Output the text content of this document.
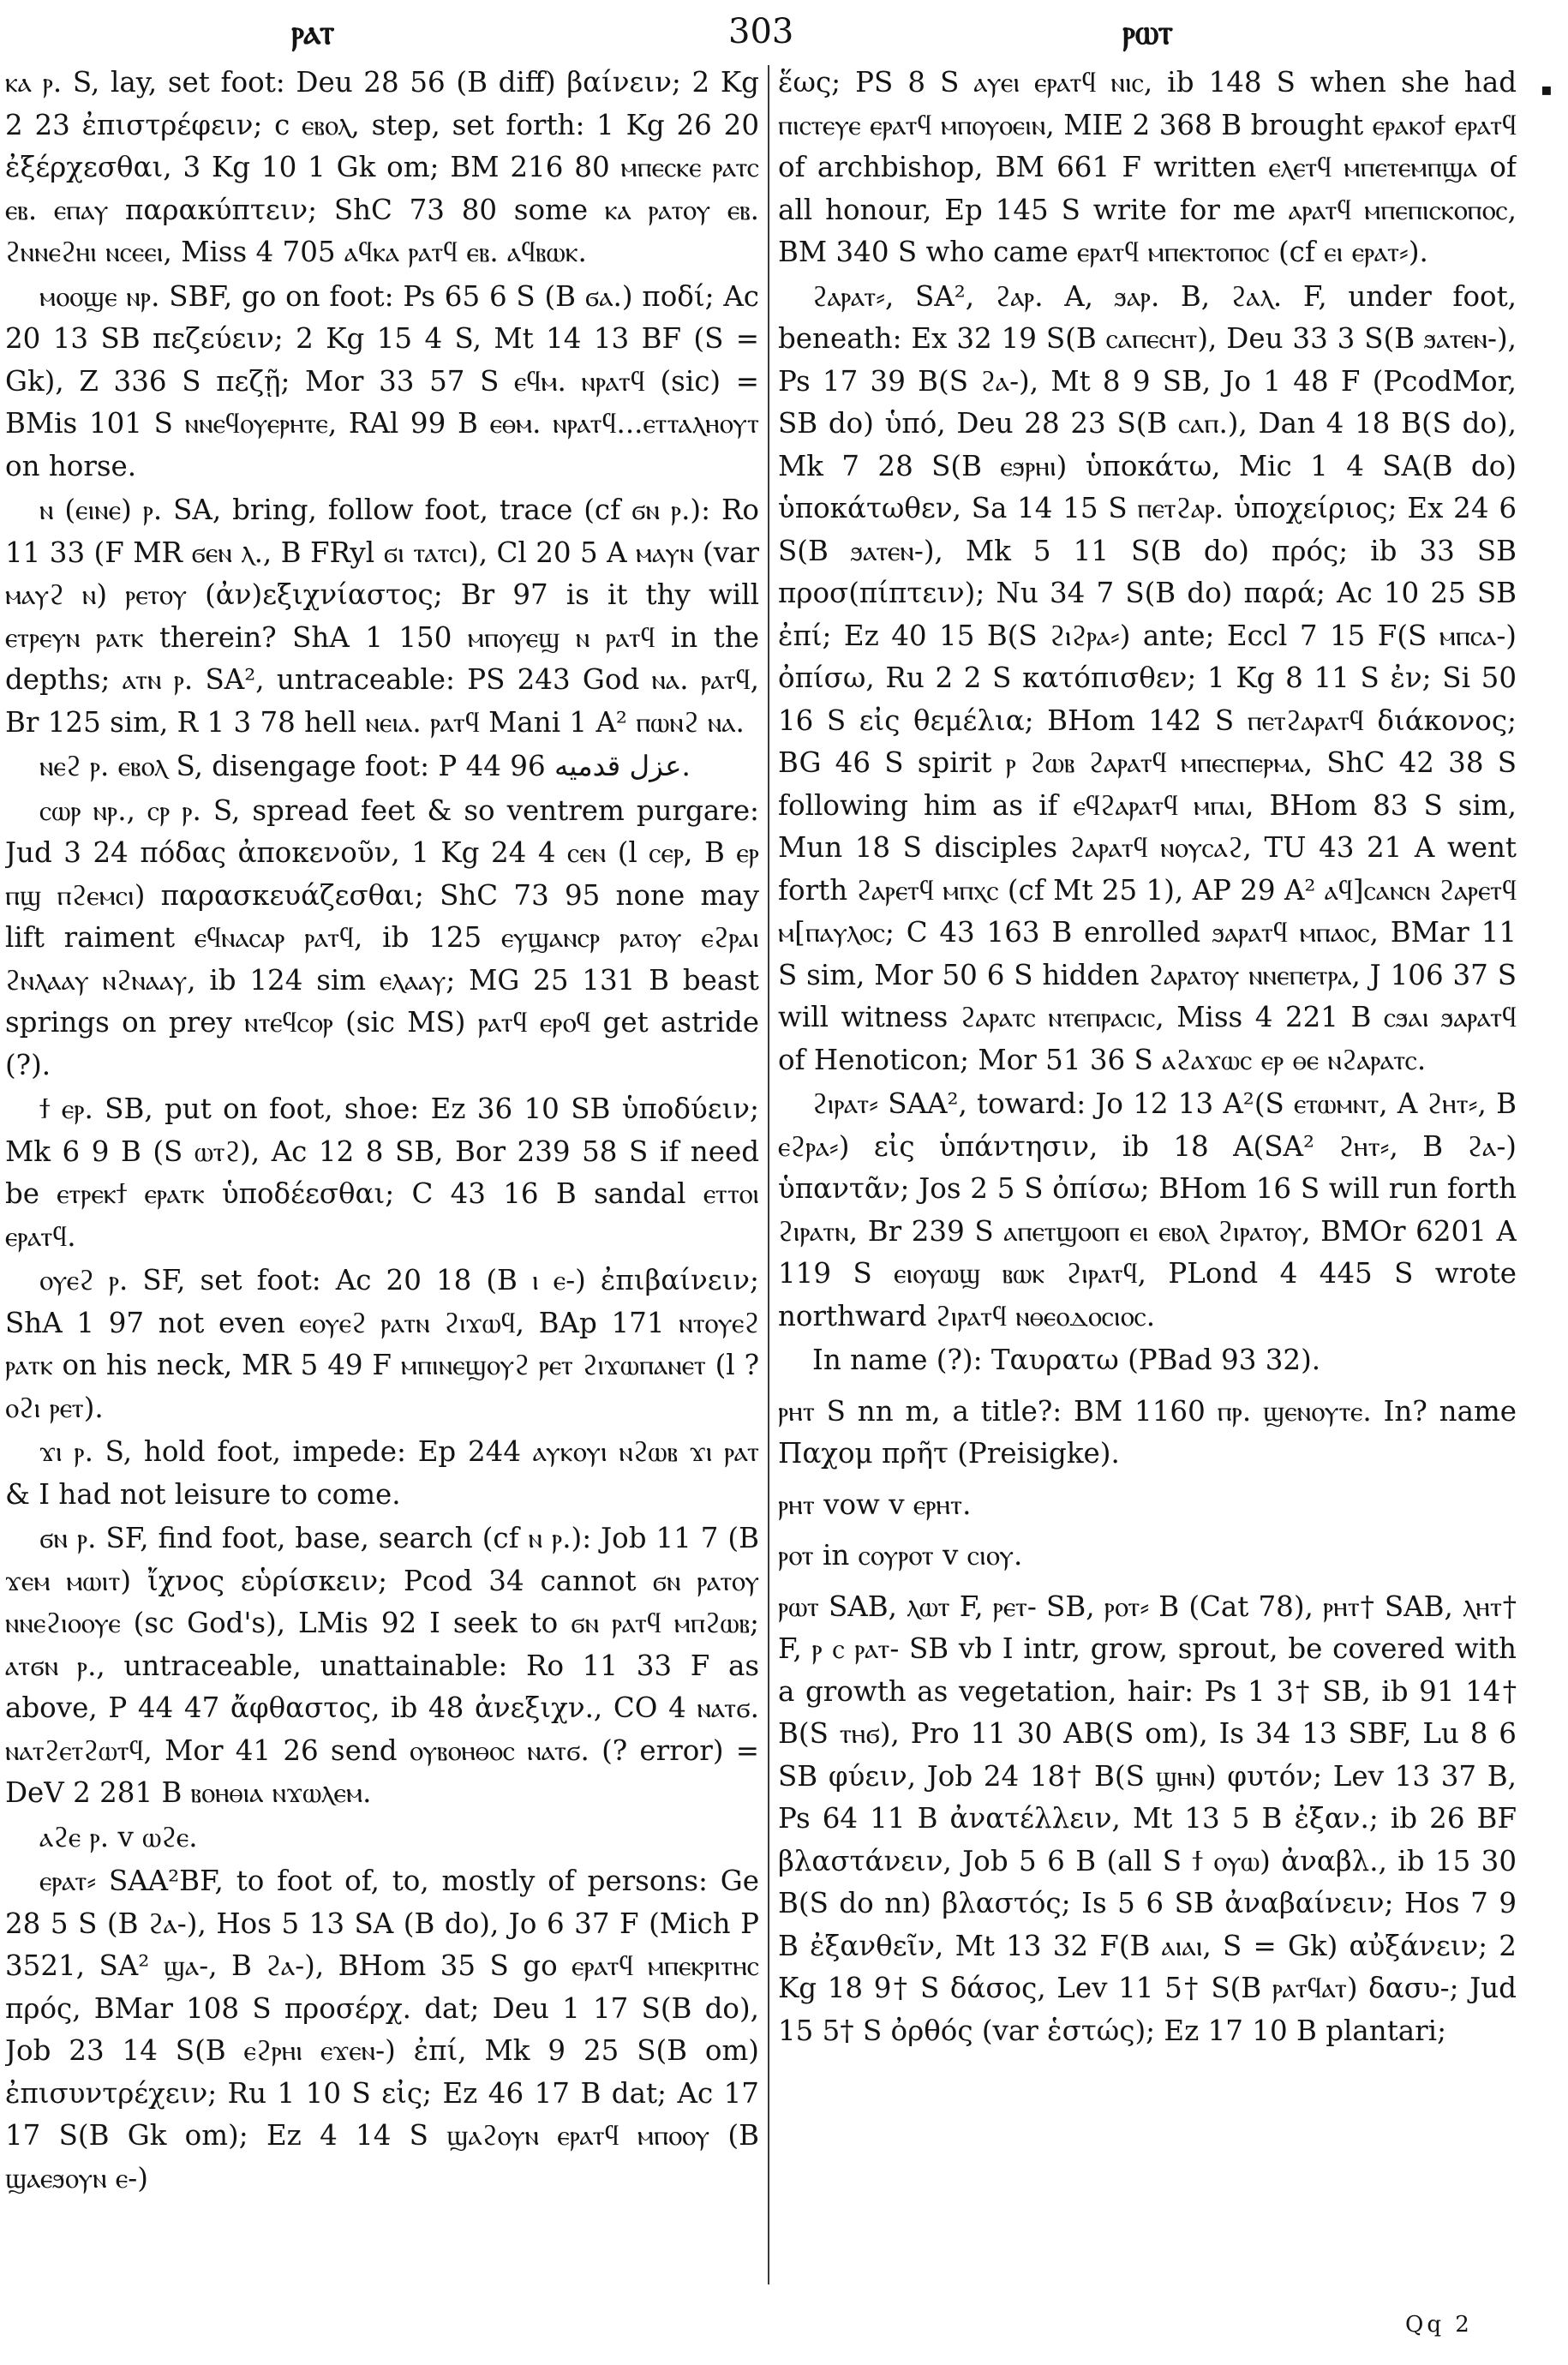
ⲣⲁⲧ	303	ⲣⲱⲧ

ⲕⲁ ⲣ. S, lay, set foot: Deu 28 56 (B diff) βαίνειν; 2 Kg 2 23 ἐπιστρέφειν; c ⲉⲃⲟⲗ, step, set forth: 1 Kg 26 20 ἐξέρχεσθαι, 3 Kg 10 1 Gk om; BM 216 80 ⲙⲡⲉⲥⲕⲉ ⲣⲁⲧⲥ ⲉⲃ. ⲉⲡⲁⲩ παρακύπτειν; ShC 73 80 some ⲕⲁ ⲣⲁⲧⲟⲩ ⲉⲃ. ϩⲛⲛⲉϩⲏⲓ ⲛⲥⲉⲉⲓ, Miss 4 705 ⲁϥⲕⲁ ⲣⲁⲧϥ ⲉⲃ. ⲁϥⲃⲱⲕ.

ⲙⲟⲟϣⲉ ⲛⲣ. SBF, go on foot: Ps 65 6 S (B ϭⲁ.) ποδί; Ac 20 13 SB πεζεύειν; 2 Kg 15 4 S, Mt 14 13 BF (S = Gk), Z 336 S πεζῇ; Mor 33 57 S ⲉϥⲙ. ⲛⲣⲁⲧϥ (sic) = BMis 101 S ⲛⲛⲉϥⲟⲩⲉⲣⲏⲧⲉ, RAl 99 B ⲉⲑⲙ. ⲛⲣⲁⲧϥ...ⲉⲧⲧⲁⲗⲏⲟⲩⲧ on horse.

ⲛ (ⲉⲓⲛⲉ) ⲣ. SA, bring, follow foot, trace (cf ϭⲛ ⲣ.): Ro 11 33 (F MR ϭⲉⲛ ⲗ., B FRyl ϭⲓ ⲧⲁⲧⲥⲓ), Cl 20 5 A ⲙⲁⲩⲛ (var ⲙⲁⲩϩ ⲛ) ⲣⲉⲧⲟⲩ (ἀν)εξιχνίαστος; Br 97 is it thy will ⲉⲧⲣⲉⲩⲛ ⲣⲁⲧⲕ therein? ShA 1 150 ⲙⲡⲟⲩⲉϣ ⲛ ⲣⲁⲧϥ in the depths; ⲁⲧⲛ ⲣ. SA², untraceable: PS 243 God ⲛⲁ. ⲣⲁⲧϥ, Br 125 sim, R 1 3 78 hell ⲛⲉⲓⲁ. ⲣⲁⲧϥ Mani 1 A² ⲡⲱⲛϩ ⲛⲁ.

ⲛⲉϩ ⲣ. ⲉⲃⲟⲗ S, disengage foot: P 44 96 عزل قدميه.

ⲥⲱⲣ ⲛⲣ., ⲥⲣ ⲣ. S, spread feet & so ventrem purgare: Jud 3 24 πόδας ἀποκενοῦν, 1 Kg 24 4 ⲥⲉⲛ (l ⲥⲉⲣ, B ⲉⲣ ⲡϣ ⲡϩⲉⲙⲥⲓ) παρασκευάζεσθαι; ShC 73 95 none may lift raiment ⲉϥⲛⲁⲥⲁⲣ ⲣⲁⲧϥ, ib 125 ⲉⲩϣⲁⲛⲥⲣ ⲣⲁⲧⲟⲩ ⲉϩⲣⲁⲓ ϩⲛⲗⲁⲁⲩ ⲛϩⲛⲁⲁⲩ, ib 124 sim ⲉⲗⲁⲁⲩ; MG 25 131 B beast springs on prey ⲛⲧⲉϥⲥⲟⲣ (sic MS) ⲣⲁⲧϥ ⲉⲣⲟϥ get astride (?).

ϯ ⲉⲣ. SB, put on foot, shoe: Ez 36 10 SB ὑποδύειν; Mk 6 9 B (S ⲱⲧϩ), Ac 12 8 SB, Bor 239 58 S if need be ⲉⲧⲣⲉⲕϯ ⲉⲣⲁⲧⲕ ὑποδέεσθαι; C 43 16 B sandal ⲉⲧⲧⲟⲓ ⲉⲣⲁⲧϥ.

ⲟⲩⲉϩ ⲣ. SF, set foot: Ac 20 18 (B ⲓ ⲉ-) ἐπιβαίνειν; ShA 1 97 not even ⲉⲟⲩⲉϩ ⲣⲁⲧⲛ ϩⲓϫⲱϥ, BAp 171 ⲛⲧⲟⲩⲉϩ ⲣⲁⲧⲕ on his neck, MR 5 49 F ⲙⲡⲓⲛⲉϣⲟⲩϩ ⲣⲉⲧ ϩⲓϫⲱⲡⲁⲛⲉⲧ (l ? ⲟϩⲓ ⲣⲉⲧ).

ϫⲓ ⲣ. S, hold foot, impede: Ep 244 ⲁⲩⲕⲟⲩⲓ ⲛϩⲱⲃ ϫⲓ ⲣⲁⲧ & I had not leisure to come.

ϭⲛ ⲣ. SF, find foot, base, search (cf ⲛ ⲣ.): Job 11 7 (B ϫⲉⲙ ⲙⲱⲓⲧ) ἴχνος εὑρίσκειν; Pcod 34 cannot ϭⲛ ⲣⲁⲧⲟⲩ ⲛⲛⲉϩⲓⲟⲟⲩⲉ (sc God's), LMis 92 I seek to ϭⲛ ⲣⲁⲧϥ ⲙⲡϩⲱⲃ; ⲁⲧϭⲛ ⲣ., untraceable, unattainable: Ro 11 33 F as above, P 44 47 ἄφθαστος, ib 48 ἀνεξιχν., CO 4 ⲛⲁⲧϭ. ⲛⲁⲧϩⲉⲧϩⲱⲧϥ, Mor 41 26 send ⲟⲩⲃⲟⲏⲑⲟⲥ ⲛⲁⲧϭ. (? error) = DeV 2 281 B ⲃⲟⲏⲑⲓⲁ ⲛϫⲱⲗⲉⲙ.

ⲁϩⲉ ⲣ. v ⲱϩⲉ.

ⲉⲣⲁⲧ⸗ SAA²BF, to foot of, to, mostly of persons: Ge 28 5 S (B ϩⲁ-), Hos 5 13 SA (B do), Jo 6 37 F (Mich P 3521, SA² ϣⲁ-, B ϩⲁ-), BHom 35 S go ⲉⲣⲁⲧϥ ⲙⲡⲉⲕⲣⲓⲧⲏⲥ πρός, BMar 108 S προσέρχ. dat; Deu 1 17 S(B do), Job 23 14 S(B ⲉϩⲣⲏⲓ ⲉϫⲉⲛ-) ἐπί, Mk 9 25 S(B om) ἐπισυντρέχειν; Ru 1 10 S εἰς; Ez 46 17 B dat; Ac 17 17 S(B Gk om); Ez 4 14 S ϣⲁϩⲟⲩⲛ ⲉⲣⲁⲧϥ ⲙⲡⲟⲟⲩ (B ϣⲁⲉϧⲟⲩⲛ ⲉ-)

ἕως; PS 8 S ⲁⲩⲉⲓ ⲉⲣⲁⲧϥ ⲛⲓⲥ, ib 148 S when she had ⲡⲓⲥⲧⲉⲩⲉ ⲉⲣⲁⲧϥ ⲙⲡⲟⲩⲟⲉⲓⲛ, MIE 2 368 B brought ⲉⲣⲁⲕⲟϯ ⲉⲣⲁⲧϥ of archbishop, BM 661 F written ⲉⲗⲉⲧϥ ⲙⲡⲉⲧⲉⲙⲡϣⲁ of all honour, Ep 145 S write for me ⲁⲣⲁⲧϥ ⲙⲡⲉⲡⲓⲥⲕⲟⲡⲟⲥ, BM 340 S who came ⲉⲣⲁⲧϥ ⲙⲡⲉⲕⲧⲟⲡⲟⲥ (cf ⲉⲓ ⲉⲣⲁⲧ⸗).

ϩⲁⲣⲁⲧ⸗, SA², ϩⲁⲣ. A, ϧⲁⲣ. B, ϩⲁⲗ. F, under foot, beneath: Ex 32 19 S(B ⲥⲁⲡⲉⲥⲏⲧ), Deu 33 3 S(B ϧⲁⲧⲉⲛ-), Ps 17 39 B(S ϩⲁ-), Mt 8 9 SB, Jo 1 48 F (PcodMor, SB do) ὑπό, Deu 28 23 S(B ⲥⲁⲡ.), Dan 4 18 B(S do), Mk 7 28 S(B ⲉϧⲣⲏⲓ) ὑποκάτω, Mic 1 4 SA(B do) ὑποκάτωθεν, Sa 14 15 S ⲡⲉⲧϩⲁⲣ. ὑποχείριος; Ex 24 6 S(B ϧⲁⲧⲉⲛ-), Mk 5 11 S(B do) πρός; ib 33 SB προσ(πίπτειν); Nu 34 7 S(B do) παρά; Ac 10 25 SB ἐπί; Ez 40 15 B(S ϩⲓϩⲣⲁ⸗) ante; Eccl 7 15 F(S ⲙⲡⲥⲁ-) ὀπίσω, Ru 2 2 S κατόπισθεν; 1 Kg 8 11 S ἐν; Si 50 16 S εἰς θεμέλια; BHom 142 S ⲡⲉⲧϩⲁⲣⲁⲧϥ διάκονος; BG 46 S spirit ⲣ ϩⲱⲃ ϩⲁⲣⲁⲧϥ ⲙⲡⲉⲥⲡⲉⲣⲙⲁ, ShC 42 38 S following him as if ⲉϥϩⲁⲣⲁⲧϥ ⲙⲡⲁⲓ, BHom 83 S sim, Mun 18 S disciples ϩⲁⲣⲁⲧϥ ⲛⲟⲩⲥⲁϩ, TU 43 21 A went forth ϩⲁⲣⲉⲧϥ ⲙⲡⲭⲥ (cf Mt 25 1), AP 29 A² ⲁϥ]ⲥⲁⲛⲥⲛ ϩⲁⲣⲉⲧϥ ⲙ[ⲡⲁⲩⲗⲟⲥ; C 43 163 B enrolled ϧⲁⲣⲁⲧϥ ⲙⲡⲁⲟⲥ, BMar 11 S sim, Mor 50 6 S hidden ϩⲁⲣⲁⲧⲟⲩ ⲛⲛⲉⲡⲉⲧⲣⲁ, J 106 37 S will witness ϩⲁⲣⲁⲧⲥ ⲛⲧⲉⲡⲣⲁⲥⲓⲥ, Miss 4 221 B ⲥϧⲁⲓ ϧⲁⲣⲁⲧϥ of Henoticon; Mor 51 36 S ⲁϩⲁϫⲱⲥ ⲉⲣ ⲑⲉ ⲛϩⲁⲣⲁⲧⲥ.

ϩⲓⲣⲁⲧ⸗ SAA², toward: Jo 12 13 A²(S ⲉⲧⲱⲙⲛⲧ, A ϩⲏⲧ⸗, B ⲉϩⲣⲁ⸗) εἰς ὑπάντησιν, ib 18 A(SA² ϩⲏⲧ⸗, B ϩⲁ-) ὑπαντᾶν; Jos 2 5 S ὀπίσω; BHom 16 S will run forth ϩⲓⲣⲁⲧⲛ, Br 239 S ⲁⲡⲉⲧϣⲟⲟⲡ ⲉⲓ ⲉⲃⲟⲗ ϩⲓⲣⲁⲧⲟⲩ, BMOr 6201 A 119 S ⲉⲓⲟⲩⲱϣ ⲃⲱⲕ ϩⲓⲣⲁⲧϥ, PLond 4 445 S wrote northward ϩⲓⲣⲁⲧϥ ⲛⲑⲉⲟⲇⲟⲥⲓⲟⲥ.

In name (?): Ταυρατω (PBad 93 32).

ⲣⲏⲧ S nn m, a title?: BM 1160 ⲡⲣ. ϣⲉⲛⲟⲩⲧⲉ. In? name Παχομ πρῆτ (Preisigke).

ⲣⲏⲧ vow v ⲉⲣⲏⲧ.

ⲣⲟⲧ in ⲥⲟⲩⲣⲟⲧ v ⲥⲓⲟⲩ.

ⲣⲱⲧ SAB, ⲗⲱⲧ F, ⲣⲉⲧ- SB, ⲣⲟⲧ⸗ B (Cat 78), ⲣⲏⲧ† SAB, ⲗⲏⲧ† F, ⲣ ⲥ ⲣⲁⲧ- SB vb I intr, grow, sprout, be covered with a growth as vegetation, hair: Ps 1 3† SB, ib 91 14† B(S ⲧⲏϭ), Pro 11 30 AB(S om), Is 34 13 SBF, Lu 8 6 SB φύειν, Job 24 18† B(S ϣⲏⲛ) φυτόν; Lev 13 37 B, Ps 64 11 B ἀνατέλλειν, Mt 13 5 B ἐξαν.; ib 26 BF βλαστάνειν, Job 5 6 B (all S ϯ ⲟⲩⲱ) ἀναβλ., ib 15 30 B(S do nn) βλαστός; Is 5 6 SB ἀναβαίνειν; Hos 7 9 B ἐξανθεῖν, Mt 13 32 F(B ⲁⲓⲁⲓ, S = Gk) αὐξάνειν; 2 Kg 18 9† S δάσος, Lev 11 5† S(B ⲣⲁⲧϥⲁⲧ) δασυ-; Jud 15 5† S ὀρθός (var ἑστώς); Ez 17 10 B plantari;

▪
Qq 2
